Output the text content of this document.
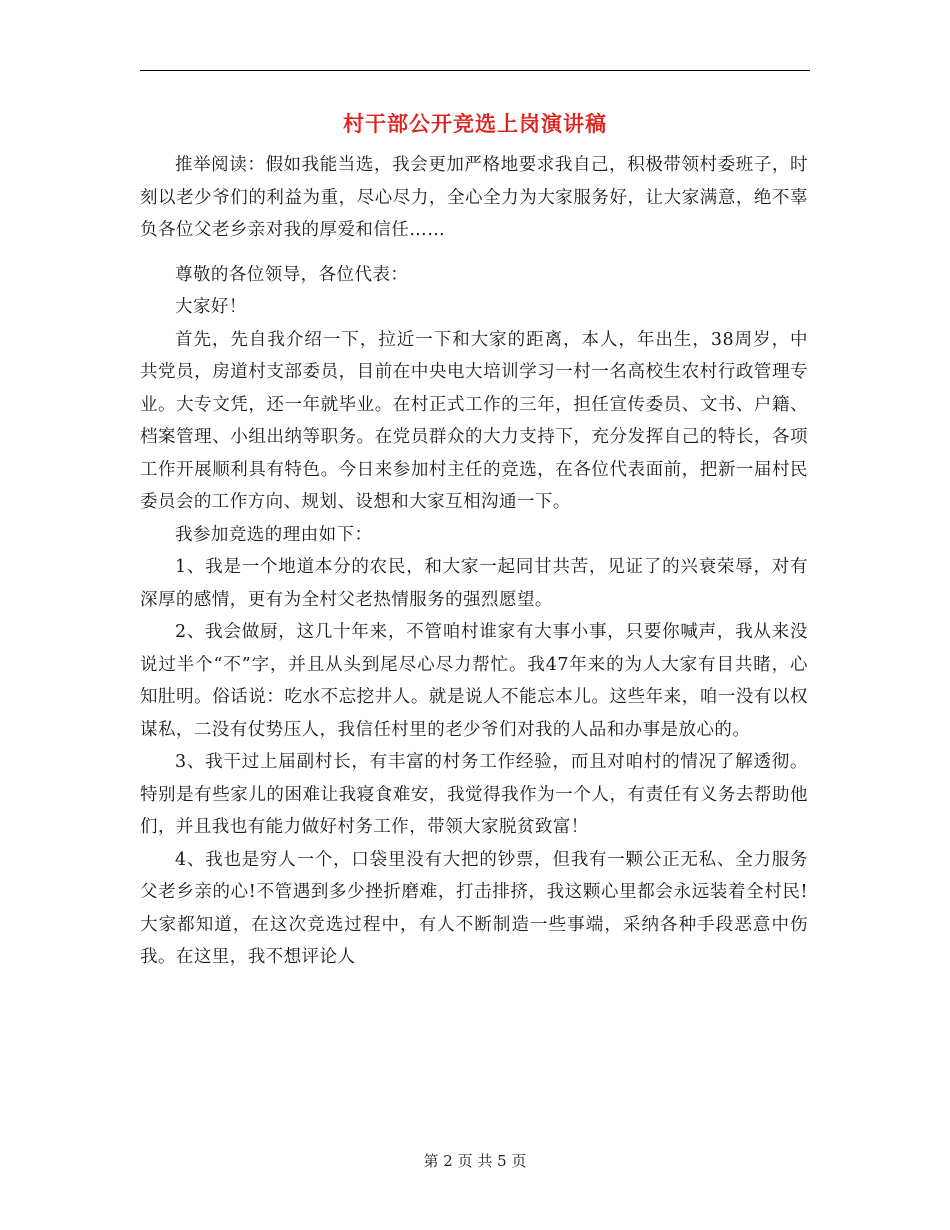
村干部公开竞选上岗演讲稿

推举阅读：假如我能当选，我会更加严格地要求我自己，积极带领村委班子，时刻以老少爷们的利益为重，尽心尽力，全心全力为大家服务好，让大家满意，绝不辜负各位父老乡亲对我的厚爱和信任……

尊敬的各位领导，各位代表：

大家好！

首先，先自我介绍一下，拉近一下和大家的距离，本人，年出生，38周岁，中共党员，房道村支部委员，目前在中央电大培训学习一村一名高校生农村行政管理专业。大专文凭，还一年就毕业。在村正式工作的三年，担任宣传委员、文书、户籍、档案管理、小组出纳等职务。在党员群众的大力支持下，充分发挥自己的特长，各项工作开展顺利具有特色。今日来参加村主任的竞选，在各位代表面前，把新一届村民委员会的工作方向、规划、设想和大家互相沟通一下。

我参加竞选的理由如下：

1、我是一个地道本分的农民，和大家一起同甘共苦，见证了的兴衰荣辱，对有深厚的感情，更有为全村父老热情服务的强烈愿望。

2、我会做厨，这几十年来，不管咱村谁家有大事小事，只要你喊声，我从来没说过半个“不”字，并且从头到尾尽心尽力帮忙。我47年来的为人大家有目共睹，心知肚明。俗话说：吃水不忘挖井人。就是说人不能忘本儿。这些年来，咱一没有以权谋私，二没有仗势压人，我信任村里的老少爷们对我的人品和办事是放心的。

3、我干过上届副村长，有丰富的村务工作经验，而且对咱村的情况了解透彻。特别是有些家儿的困难让我寝食难安，我觉得我作为一个人，有责任有义务去帮助他们，并且我也有能力做好村务工作，带领大家脱贫致富！

4、我也是穷人一个，口袋里没有大把的钞票，但我有一颗公正无私、全力服务父老乡亲的心!不管遇到多少挫折磨难，打击排挤，我这颗心里都会永远装着全村民!大家都知道，在这次竞选过程中，有人不断制造一些事端，采纳各种手段恶意中伤我。在这里，我不想评论人

第 2 页 共 5 页
